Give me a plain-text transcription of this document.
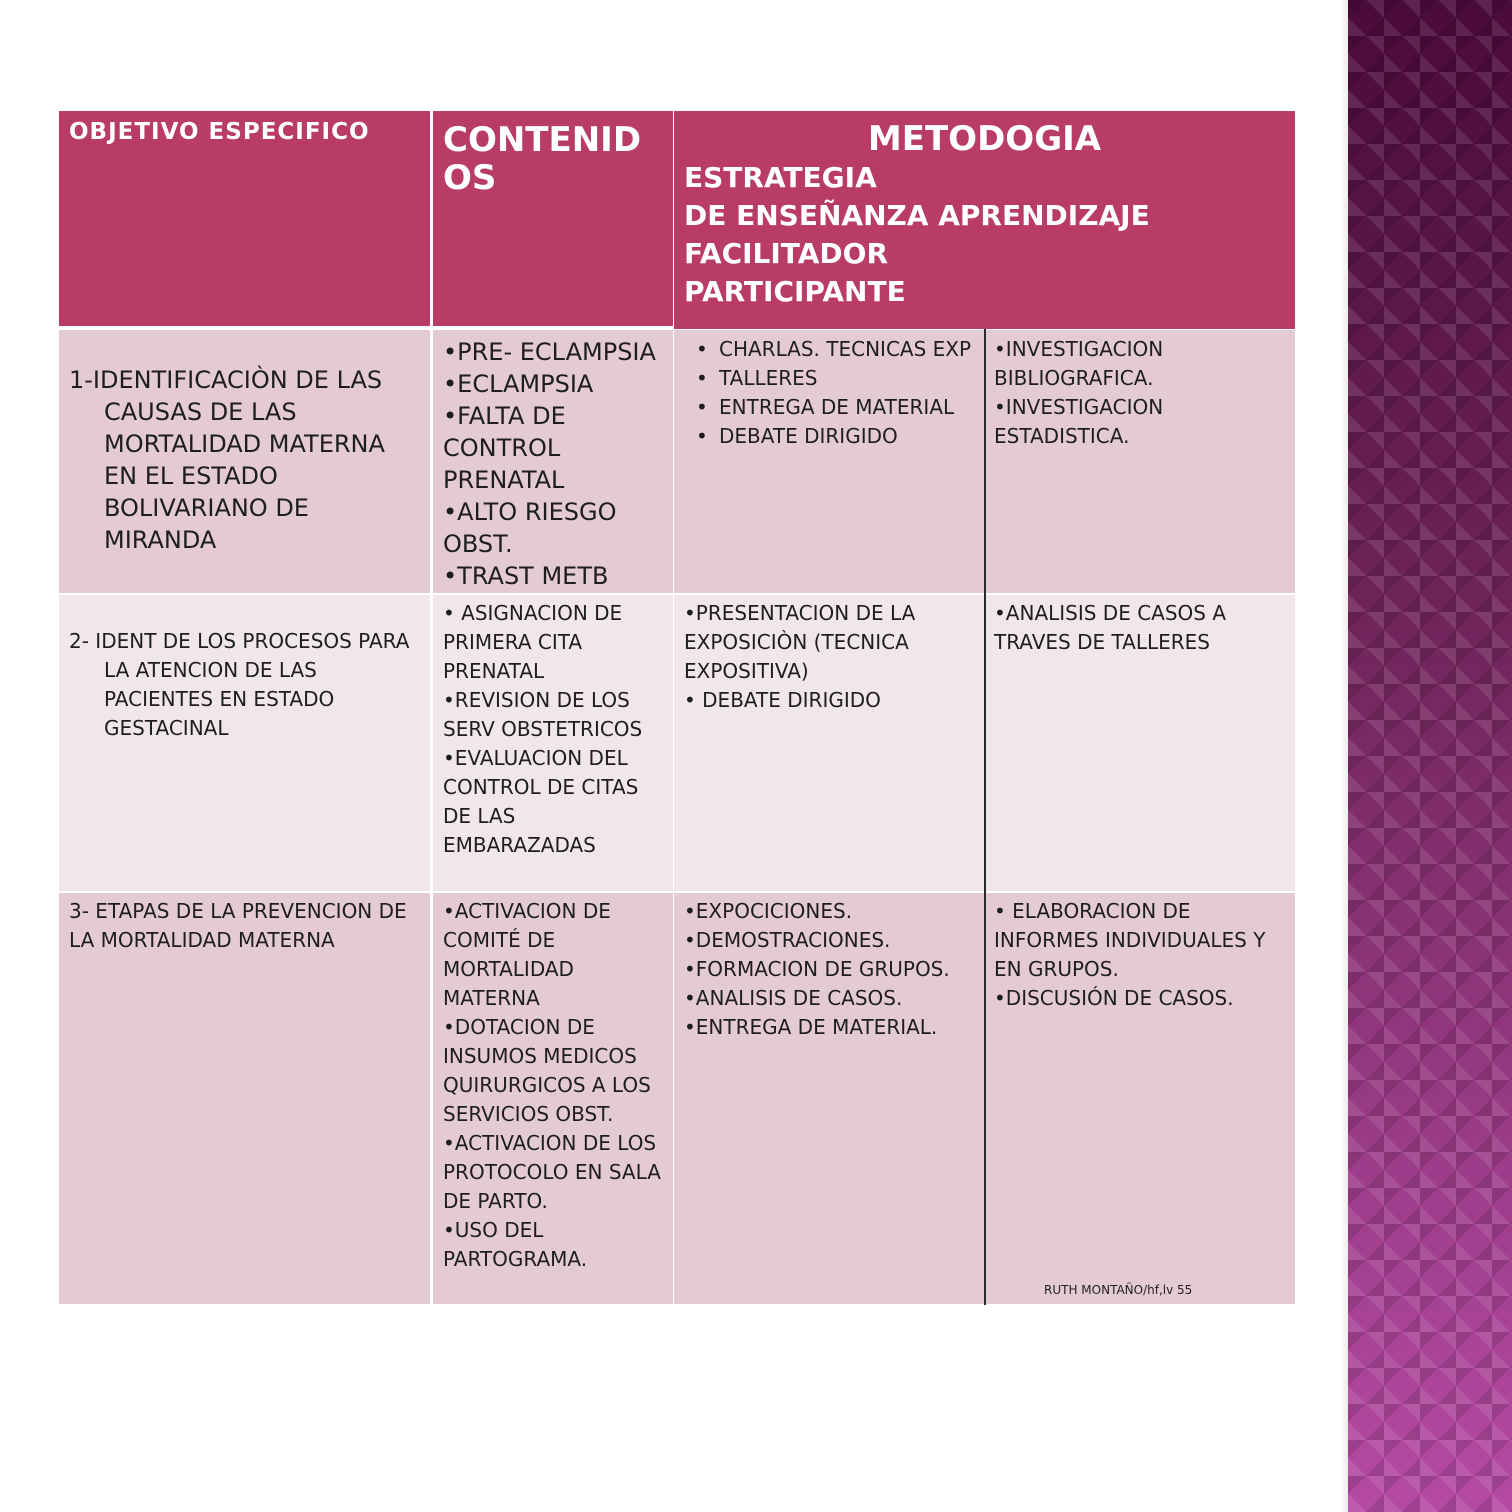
OBJETIVO ESPECIFICO	CONTENIDOS
METODOGIA
ESTRATEGIA
DE ENSEÑANZA APRENDIZAJE
FACILITADOR
PARTICIPANTE

1-IDENTIFICACIÒN DE LAS CAUSAS DE LAS MORTALIDAD MATERNA EN EL ESTADO BOLIVARIANO DE MIRANDA

• PRE- ECLAMPSIA
• ECLAMPSIA
• FALTA DE CONTROL PRENATAL
• ALTO RIESGO OBST.
• TRAST METB
• CHARLAS. TECNICAS EXP
• TALLERES
• ENTREGA DE MATERIAL
• DEBATE DIRIGIDO
• INVESTIGACION BIBLIOGRAFICA.
• INVESTIGACION ESTADISTICA.

2- IDENT DE LOS PROCESOS PARA LA ATENCION DE LAS PACIENTES EN ESTADO GESTACINAL

• ASIGNACION DE PRIMERA CITA PRENATAL
• REVISION DE LOS SERV OBSTETRICOS
• EVALUACION DEL CONTROL DE CITAS DE LAS EMBARAZADAS
• PRESENTACION DE LA EXPOSICIÒN (TECNICA EXPOSITIVA)
• DEBATE DIRIGIDO
• ANALISIS DE CASOS A TRAVES DE TALLERES

3- ETAPAS DE LA PREVENCION DE LA MORTALIDAD MATERNA

• ACTIVACION DE COMITÉ DE MORTALIDAD MATERNA
• DOTACION DE INSUMOS MEDICOS QUIRURGICOS A LOS SERVICIOS OBST.
• ACTIVACION DE LOS PROTOCOLO EN SALA DE PARTO.
• USO DEL PARTOGRAMA.
• EXPOCICIONES.
• DEMOSTRACIONES.
• FORMACION DE GRUPOS.
• ANALISIS DE CASOS.
• ENTREGA DE MATERIAL.
• ELABORACION DE INFORMES INDIVIDUALES Y EN GRUPOS.
• DISCUSIÓN DE CASOS.
RUTH MONTAÑO/hf,lv 55
